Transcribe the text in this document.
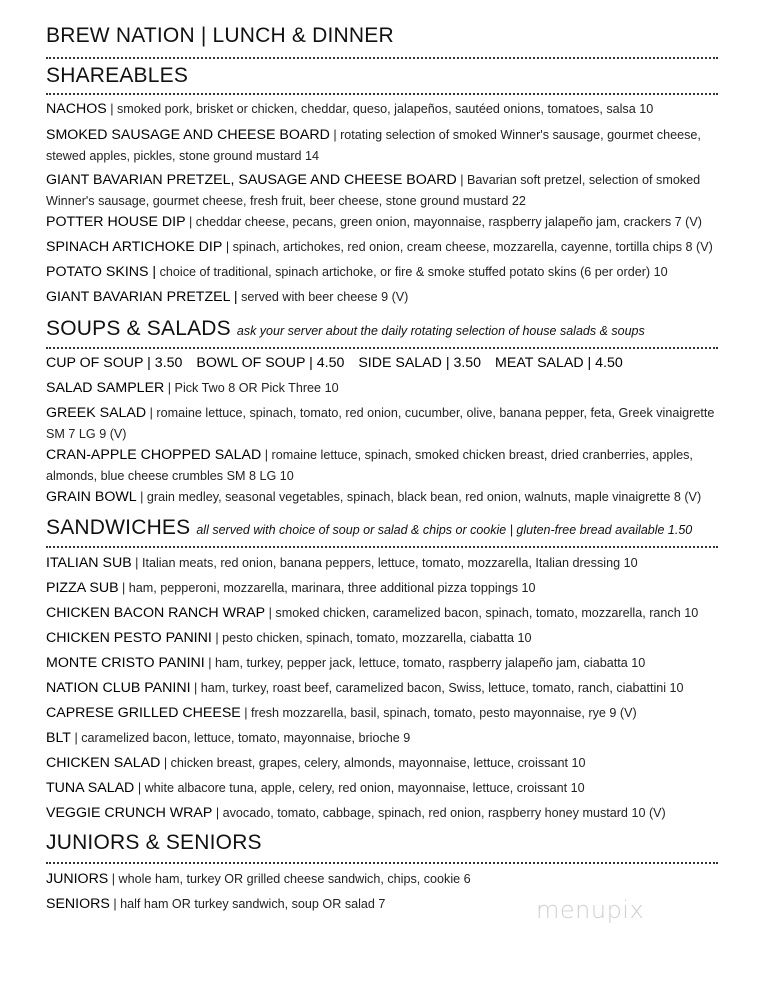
BREW NATION | LUNCH & DINNER
SHAREABLES
NACHOS | smoked pork, brisket or chicken, cheddar, queso, jalapeños, sautéed onions, tomatoes, salsa 10
SMOKED SAUSAGE AND CHEESE BOARD | rotating selection of smoked Winner's sausage, gourmet cheese, stewed apples, pickles, stone ground mustard 14
GIANT BAVARIAN PRETZEL, SAUSAGE AND CHEESE BOARD | Bavarian soft pretzel, selection of smoked Winner's sausage, gourmet cheese, fresh fruit, beer cheese, stone ground mustard 22
POTTER HOUSE DIP | cheddar cheese, pecans, green onion, mayonnaise, raspberry jalapeño jam, crackers 7 (V)
SPINACH ARTICHOKE DIP | spinach, artichokes, red onion, cream cheese, mozzarella, cayenne, tortilla chips 8 (V)
POTATO SKINS | choice of traditional, spinach artichoke, or fire & smoke stuffed potato skins (6 per order) 10
GIANT BAVARIAN PRETZEL | served with beer cheese 9 (V)
SOUPS & SALADS ask your server about the daily rotating selection of house salads & soups
CUP OF SOUP | 3.50 BOWL OF SOUP | 4.50 SIDE SALAD | 3.50 MEAT SALAD | 4.50
SALAD SAMPLER | Pick Two 8 OR Pick Three 10
GREEK SALAD | romaine lettuce, spinach, tomato, red onion, cucumber, olive, banana pepper, feta, Greek vinaigrette SM 7 LG 9 (V)
CRAN-APPLE CHOPPED SALAD | romaine lettuce, spinach, smoked chicken breast, dried cranberries, apples, almonds, blue cheese crumbles SM 8 LG 10
GRAIN BOWL | grain medley, seasonal vegetables, spinach, black bean, red onion, walnuts, maple vinaigrette 8 (V)
SANDWICHES all served with choice of soup or salad & chips or cookie | gluten-free bread available 1.50
ITALIAN SUB | Italian meats, red onion, banana peppers, lettuce, tomato, mozzarella, Italian dressing 10
PIZZA SUB | ham, pepperoni, mozzarella, marinara, three additional pizza toppings 10
CHICKEN BACON RANCH WRAP | smoked chicken, caramelized bacon, spinach, tomato, mozzarella, ranch 10
CHICKEN PESTO PANINI | pesto chicken, spinach, tomato, mozzarella, ciabatta 10
MONTE CRISTO PANINI | ham, turkey, pepper jack, lettuce, tomato, raspberry jalapeño jam, ciabatta 10
NATION CLUB PANINI | ham, turkey, roast beef, caramelized bacon, Swiss, lettuce, tomato, ranch, ciabattini 10
CAPRESE GRILLED CHEESE | fresh mozzarella, basil, spinach, tomato, pesto mayonnaise, rye 9 (V)
BLT | caramelized bacon, lettuce, tomato, mayonnaise, brioche 9
CHICKEN SALAD | chicken breast, grapes, celery, almonds, mayonnaise, lettuce, croissant 10
TUNA SALAD | white albacore tuna, apple, celery, red onion, mayonnaise, lettuce, croissant 10
VEGGIE CRUNCH WRAP | avocado, tomato, cabbage, spinach, red onion, raspberry honey mustard 10 (V)
JUNIORS & SENIORS
JUNIORS | whole ham, turkey OR grilled cheese sandwich, chips, cookie 6
SENIORS | half ham OR turkey sandwich, soup OR salad 7	menupix
